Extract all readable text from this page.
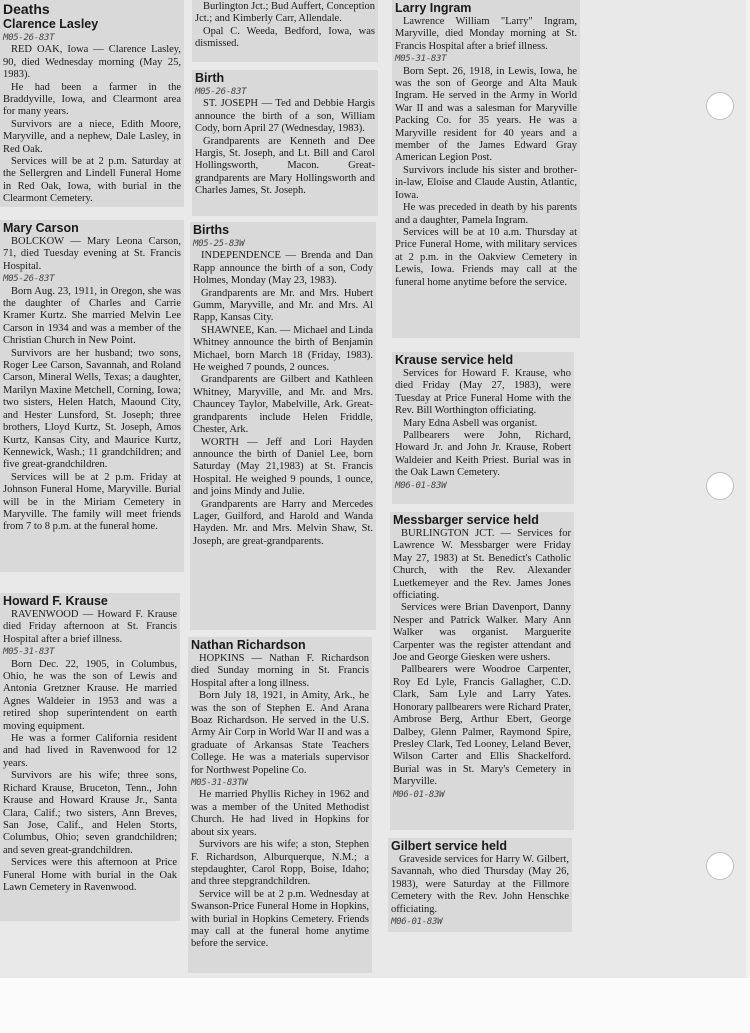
Deaths
Clarence Lasley
M05-26-83T

RED OAK, Iowa — Clarence Lasley, 90, died Wednesday morning (May 25, 1983).

He had been a farmer in the Braddyville, Iowa, and Clearmont area for many years.

Survivors are a niece, Edith Moore, Maryville, and a nephew, Dale Lasley, in Red Oak.

Services will be at 2 p.m. Saturday at the Sellergren and Lindell Funeral Home in Red Oak, Iowa, with burial in the Clearmont Cemetery.

Mary Carson

BOLCKOW — Mary Leona Carson, 71, died Tuesday evening at St. Francis Hospital.

M05-26-83T

Born Aug. 23, 1911, in Oregon, she was the daughter of Charles and Carrie Kramer Kurtz. She married Melvin Lee Carson in 1934 and was a member of the Christian Church in New Point.

Survivors are her husband; two sons, Roger Lee Carson, Savannah, and Roland Carson, Mineral Wells, Texas; a daughter, Marilyn Maxine Metchell, Corning, Iowa; two sisters, Helen Hatch, Maound City, and Hester Lunsford, St. Joseph; three brothers, Lloyd Kurtz, St. Joseph, Amos Kurtz, Kansas City, and Maurice Kurtz, Kennewick, Wash.; 11 grandchildren; and five great-grandchildren.

Services will be at 2 p.m. Friday at Johnson Funeral Home, Maryville. Burial will be in the Miriam Cemetery in Maryville. The family will meet friends from 7 to 8 p.m. at the funeral home.

Howard F. Krause

RAVENWOOD — Howard F. Krause died Friday afternoon at St. Francis Hospital after a brief illness.

M05-31-83T

Born Dec. 22, 1905, in Columbus, Ohio, he was the son of Lewis and Antonia Gretzner Krause. He married Agnes Waldeier in 1953 and was a retired shop superintendent on earth moving equipment.

He was a former California resident and had lived in Ravenwood for 12 years.

Survivors are his wife; three sons, Richard Krause, Bruceton, Tenn., John Krause and Howard Krause Jr., Santa Clara, Calif.; two sisters, Ann Breves, San Jose, Calif., and Helen Storts, Columbus, Ohio; seven grandchildren; and seven great-grandchildren.

Services were this afternoon at Price Funeral Home with burial in the Oak Lawn Cemetery in Ravenwood.

Burlington Jct.; Bud Auffert, Conception Jct.; and Kimberly Carr, Allendale.

Opal C. Weeda, Bedford, Iowa, was dismissed.

Birth
M05-26-83T

ST. JOSEPH — Ted and Debbie Hargis announce the birth of a son, William Cody, born April 27 (Wednesday, 1983).

Grandparents are Kenneth and Dee Hargis, St. Joseph, and Lt. Bill and Carol Hollingsworth, Macon. Great-grandparents are Mary Hollingsworth and Charles James, St. Joseph.

Births
M05-25-83W

INDEPENDENCE — Brenda and Dan Rapp announce the birth of a son, Cody Holmes, Monday (May 23, 1983).

Grandparents are Mr. and Mrs. Hubert Gumm, Maryville, and Mr. and Mrs. Al Rapp, Kansas City.

SHAWNEE, Kan. — Michael and Linda Whitney announce the birth of Benjamin Michael, born March 18 (Friday, 1983). He weighed 7 pounds, 2 ounces.

Grandparents are Gilbert and Kathleen Whitney, Maryville, and Mr. and Mrs. Chauncey Taylor, Mabelville, Ark. Great-grandparents include Helen Friddle, Chester, Ark.

WORTH — Jeff and Lori Hayden announce the birth of Daniel Lee, born Saturday (May 21,1983) at St. Francis Hospital. He weighed 9 pounds, 1 ounce, and joins Mindy and Julie.

Grandparents are Harry and Mercedes Lager, Guilford, and Harold and Wanda Hayden. Mr. and Mrs. Melvin Shaw, St. Joseph, are great-grandparents.

Nathan Richardson

HOPKINS — Nathan F. Richardson died Sunday morning in St. Francis Hospital after a long illness.

Born July 18, 1921, in Amity, Ark., he was the son of Stephen E. And Arana Boaz Richardson. He served in the U.S. Army Air Corp in World War II and was a graduate of Arkansas State Teachers College. He was a materials supervisor for Northwest Popeline Co.

M05-31-83TW

He married Phyllis Richey in 1962 and was a member of the United Methodist Church. He had lived in Hopkins for about six years.

Survivors are his wife; a ston, Stephen F. Richardson, Alburquerque, N.M.; a stepdaughter, Carol Ropp, Boise, Idaho; and three stepgrandchildren.

Service will be at 2 p.m. Wednesday at Swanson-Price Funeral Home in Hopkins, with burial in Hopkins Cemetery. Friends may call at the funeral home anytime before the service.

Larry Ingram

Lawrence William "Larry" Ingram, Maryville, died Monday morning at St. Francis Hospital after a brief illness.

M05-31-83T

Born Sept. 26, 1918, in Lewis, Iowa, he was the son of George and Alta Mauk Ingram. He served in the Army in World War II and was a salesman for Maryville Packing Co. for 35 years. He was a Maryville resident for 40 years and a member of the James Edward Gray American Legion Post.

Survivors include his sister and brother-in-law, Eloise and Claude Austin, Atlantic, Iowa.

He was preceded in death by his parents and a daughter, Pamela Ingram.

Services will be at 10 a.m. Thursday at Price Funeral Home, with military services at 2 p.m. in the Oakview Cemetery in Lewis, Iowa. Friends may call at the funeral home anytime before the service.

Krause service held

Services for Howard F. Krause, who died Friday (May 27, 1983), were Tuesday at Price Funeral Home with the Rev. Bill Worthington officiating.

Mary Edna Asbell was organist.

Pallbearers were John, Richard, Howard Jr. and John Jr. Krause, Robert Waldeier and Keith Priest. Burial was in the Oak Lawn Cemetery.

M06-01-83W
Messbarger service held

BURLINGTON JCT. — Services for Lawrence W. Messbarger were Friday May 27, 1983) at St. Benedict's Catholic Church, with the Rev. Alexander Luetkemeyer and the Rev. James Jones officiating.

Services were Brian Davenport, Danny Nesper and Patrick Walker. Mary Ann Walker was organist. Marguerite Carpenter was the register attendant and Joe and George Giesken were ushers.

Pallbearers were Woodroe Carpenter, Roy Ed Lyle, Francis Gallagher, C.D. Clark, Sam Lyle and Larry Yates. Honorary pallbearers were Richard Prater, Ambrose Berg, Arthur Ebert, George Dalbey, Glenn Palmer, Raymond Spire, Presley Clark, Ted Looney, Leland Bever, Wilson Carter and Ellis Shackelford. Burial was in St. Mary's Cemetery in Maryville.

M06-01-83W
Gilbert service held

Graveside services for Harry W. Gilbert, Savannah, who died Thursday (May 26, 1983), were Saturday at the Fillmore Cemetery with the Rev. John Henschke officiating.

M06-01-83W
